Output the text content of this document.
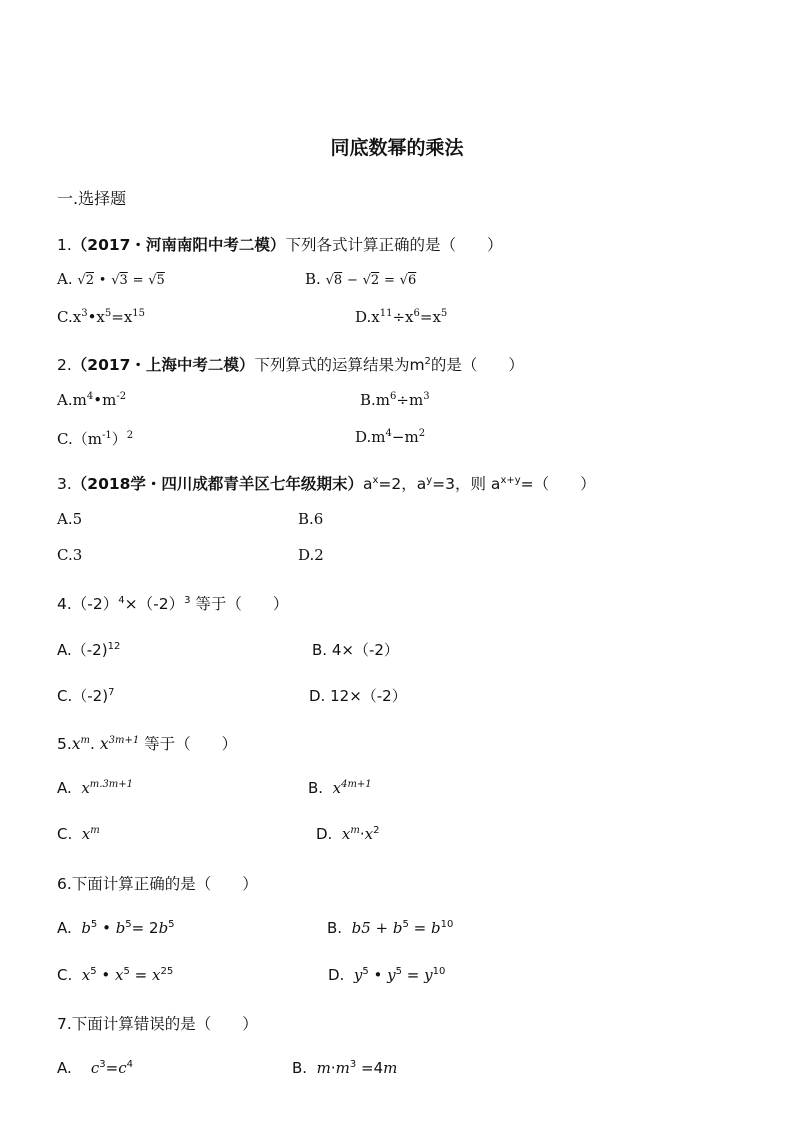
同底数幂的乘法
一.选择题
1.（2017・河南南阳中考二模）下列各式计算正确的是（　　）
A. √2 • √3 = √5	B. √8 − √2 = √6
$C.x^3•x^5=x^{15}$	$D.x^{11}\div x^6=x^5$
2.（2017・上海中考二模）下列算式的运算结果为$m^2$的是（　　）
$A.m^4•m^{-2}$	$B.m^6\div m^3$
$C.(m^{-1})^2$	$D.m^4-m^2$
3.（2018学・四川成都青羊区七年级期末）$a^x=2$，$a^y=3$，则 $a^{x+y}=$（　　）
A.5	B.6
C.3	D.2
$4.(-2)^4\times(-2)^3$ 等于（　　）
A.（-2)$^{12}$	B. 4×（-2）
C.（-2)$^7$	D. 12×（-2）
$5.x^m$. $x^{3m+1}$ 等于（　　）
A. $x^{m.3m+1}$	B. $x^{4m+1}$
C. $x^m$	D. $x^m\cdot x^2$
6.下面计算正确的是（　　）
A. $b^5$ • $b^5= 2b^5$	B. $b5 + b^5 = b^{10}$
C. $x^5$ • $x^5 = x^{25}$	D. $y^5$ • $y^5 = y^{10}$
7.下面计算错误的是（　　）
A. $c^3=c^4$	B. $m\cdot m^3 =4m$
